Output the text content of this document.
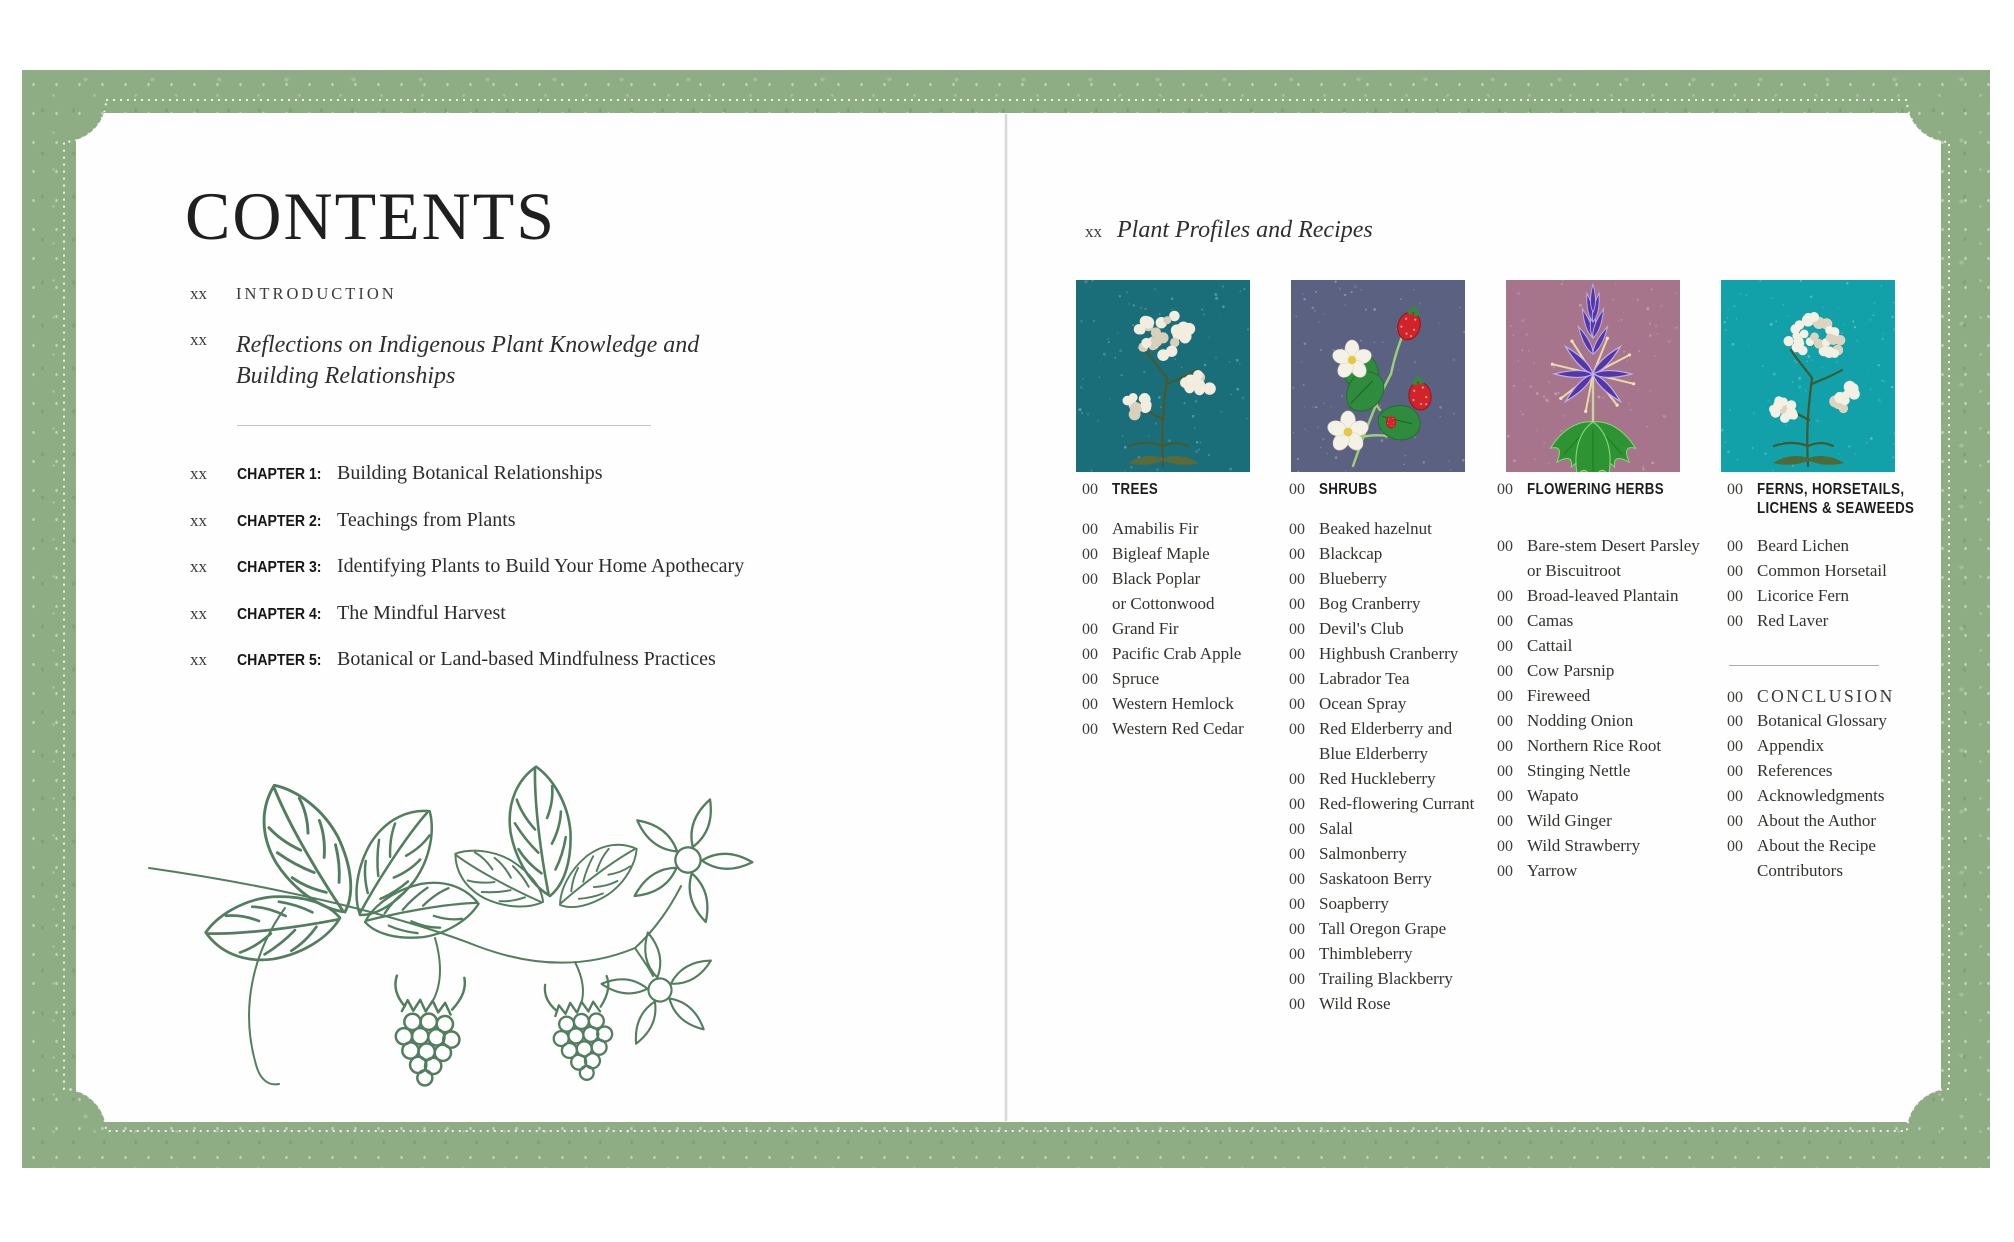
CONTENTS
xx	INTRODUCTION
xx	Reflections on Indigenous Plant Knowledge and Building Relationships
xx	CHAPTER 1: Building Botanical Relationships
xx	CHAPTER 2: Teachings from Plants
xx	CHAPTER 3: Identifying Plants to Build Your Home Apothecary
xx	CHAPTER 4: The Mindful Harvest
xx	CHAPTER 5: Botanical or Land-based Mindfulness Practices
xx Plant Profiles and Recipes
00 TREES
00 Amabilis Fir
00 Bigleaf Maple
00 Black Poplar
or Cottonwood
00 Grand Fir
00 Pacific Crab Apple
00 Spruce
00 Western Hemlock
00 Western Red Cedar
00 SHRUBS
00 Beaked hazelnut
00 Blackcap
00 Blueberry
00 Bog Cranberry
00 Devil's Club
00 Highbush Cranberry
00 Labrador Tea
00 Ocean Spray
00 Red Elderberry and
Blue Elderberry
00 Red Huckleberry
00 Red-flowering Currant
00 Salal
00 Salmonberry
00 Saskatoon Berry
00 Soapberry
00 Tall Oregon Grape
00 Thimbleberry
00 Trailing Blackberry
00 Wild Rose
00 FLOWERING HERBS
00 Bare-stem Desert Parsley
or Biscuitroot
00 Broad-leaved Plantain
00 Camas
00 Cattail
00 Cow Parsnip
00 Fireweed
00 Nodding Onion
00 Northern Rice Root
00 Stinging Nettle
00 Wapato
00 Wild Ginger
00 Wild Strawberry
00 Yarrow
00 FERNS, HORSETAILS,
LICHENS & SEAWEEDS
00 Beard Lichen
00 Common Horsetail
00 Licorice Fern
00 Red Laver
00 CONCLUSION
00 Botanical Glossary
00 Appendix
00 References
00 Acknowledgments
00 About the Author
00 About the Recipe
Contributors
